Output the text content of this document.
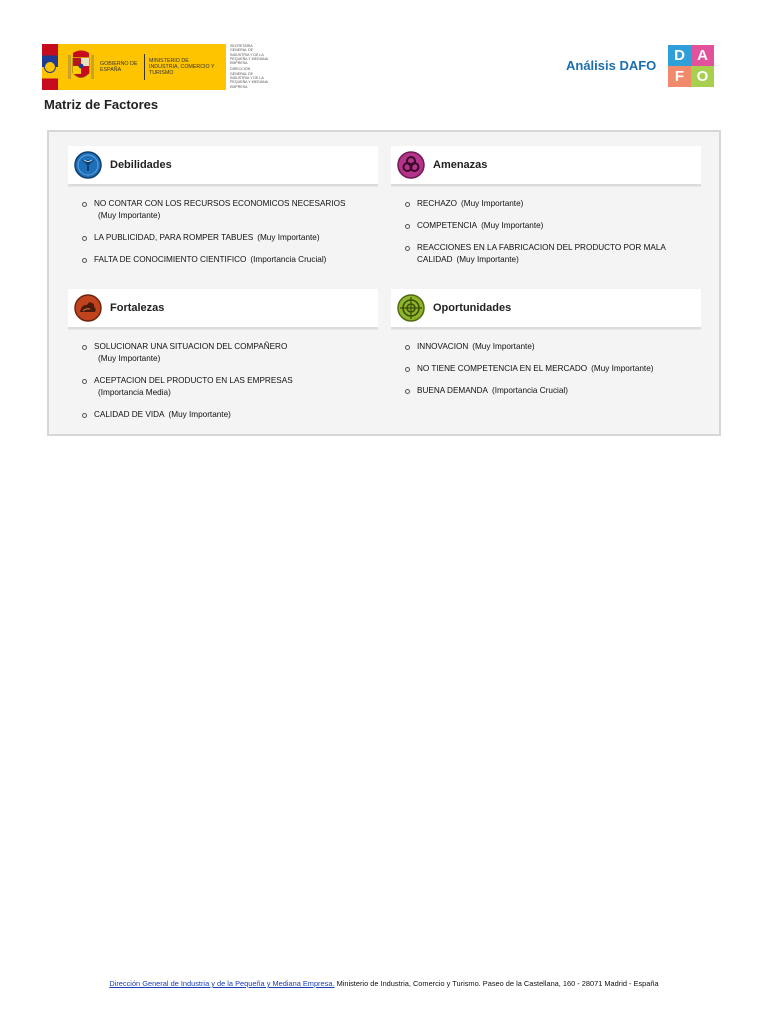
GOBIERNO DE ESPAÑA
MINISTERIO DE INDUSTRIA, COMERCIO Y TURISMO
SECRETARÍA GENERAL DE INDUSTRIA Y DE LA PEQUEÑA Y MEDIANA EMPRESA
DIRECCIÓN GENERAL DE INDUSTRIA Y DE LA PEQUEÑA Y MEDIANA EMPRESA
Análisis DAFO
D A
F O
Matriz de Factores
Debilidades
NO CONTAR CON LOS RECURSOS ECONOMICOS NECESARIOS
(Muy Importante)
LA PUBLICIDAD, PARA ROMPER TABUES (Muy Importante)
FALTA DE CONOCIMIENTO CIENTIFICO (Importancia Crucial)
Amenazas
RECHAZO (Muy Importante)
COMPETENCIA (Muy Importante)
REACCIONES EN LA FABRICACION DEL PRODUCTO POR MALA CALIDAD (Muy Importante)
Fortalezas
SOLUCIONAR UNA SITUACION DEL COMPAÑERO
(Muy Importante)
ACEPTACION DEL PRODUCTO EN LAS EMPRESAS
(Importancia Media)
CALIDAD DE VIDA (Muy Importante)
Oportunidades
INNOVACION (Muy Importante)
NO TIENE COMPETENCIA EN EL MERCADO (Muy Importante)
BUENA DEMANDA (Importancia Crucial)
Dirección General de Industria y de la Pequeña y Mediana Empresa. Ministerio de Industria, Comercio y Turismo. Paseo de la Castellana, 160 - 28071 Madrid - España
